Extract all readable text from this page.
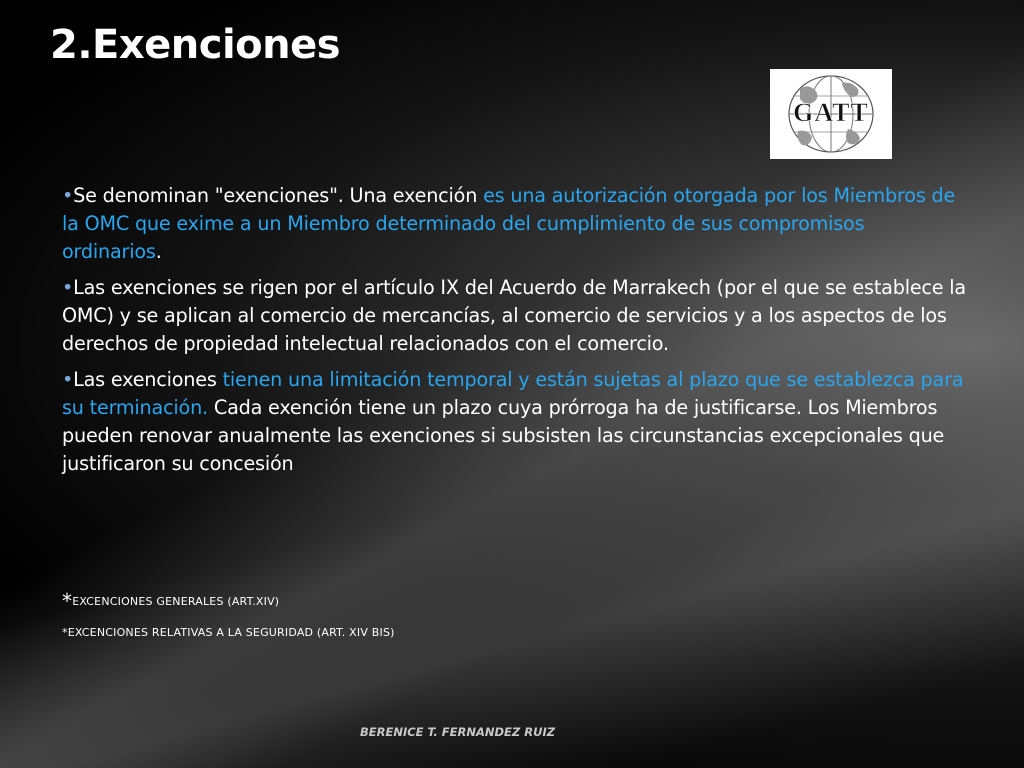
2.Exenciones
GATT

•Se denominan "exenciones". Una exención es una autorización otorgada por los Miembros de la OMC que exime a un Miembro determinado del cumplimiento de sus compromisos ordinarios.

•Las exenciones se rigen por el artículo IX del Acuerdo de Marrakech (por el que se establece la OMC) y se aplican al comercio de mercancías, al comercio de servicios y a los aspectos de los derechos de propiedad intelectual relacionados con el comercio.

•Las exenciones tienen una limitación temporal y están sujetas al plazo que se establezca para su terminación. Cada exención tiene un plazo cuya prórroga ha de justificarse. Los Miembros pueden renovar anualmente las exenciones si subsisten las circunstancias excepcionales que justificaron su concesión

*EXCENCIONES GENERALES (ART.XIV)
*EXCENCIONES RELATIVAS A LA SEGURIDAD (ART. XIV BIS)
BERENICE T. FERNANDEZ RUIZ
